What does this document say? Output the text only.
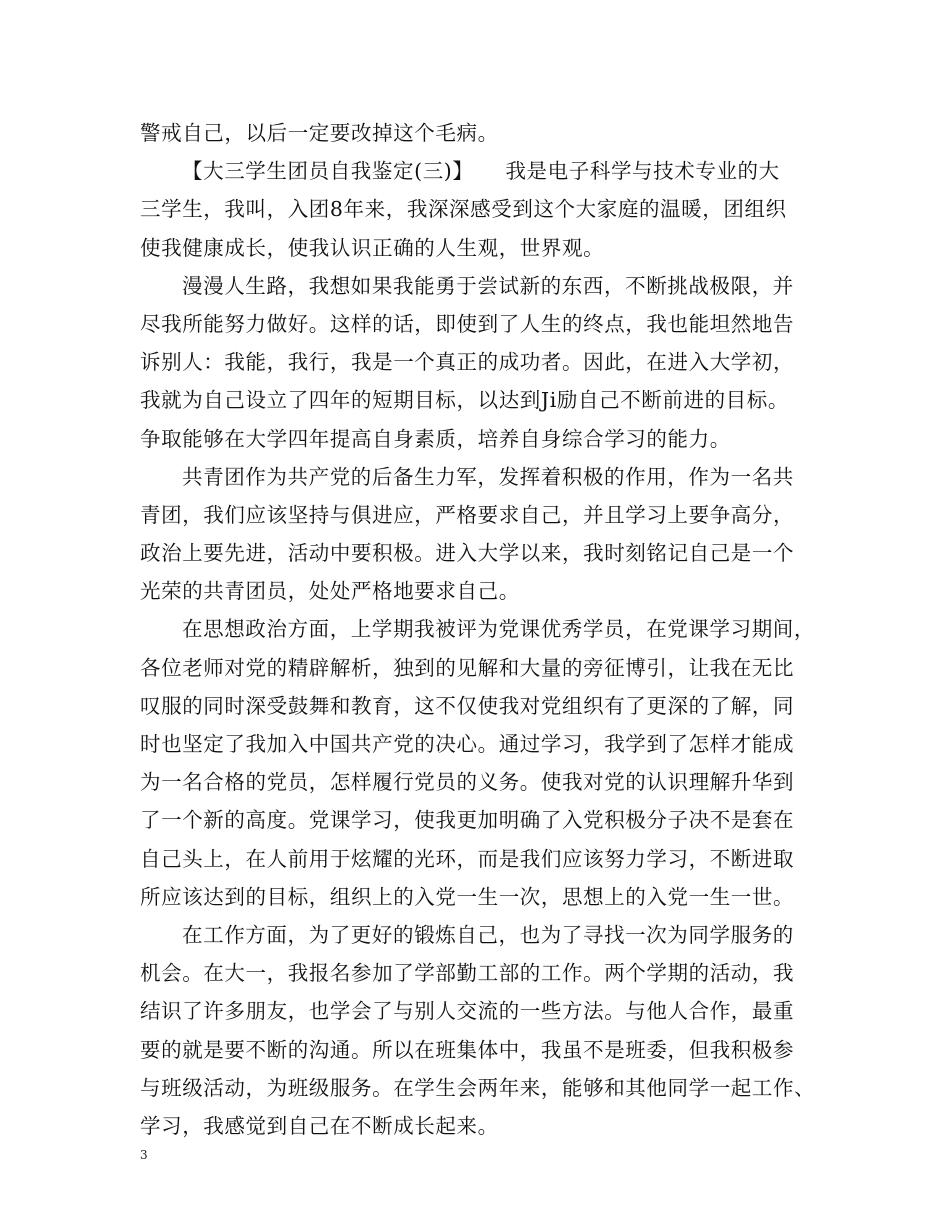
警戒自己，以后一定要改掉这个毛病。
【大三学生团员自我鉴定(三)】　　我是电子科学与技术专业的大
三学生，我叫，入团8年来，我深深感受到这个大家庭的温暖，团组织
使我健康成长，使我认识正确的人生观，世界观。
漫漫人生路，我想如果我能勇于尝试新的东西，不断挑战极限，并
尽我所能努力做好。这样的话，即使到了人生的终点，我也能坦然地告
诉别人：我能，我行，我是一个真正的成功者。因此，在进入大学初，
我就为自己设立了四年的短期目标，以达到Ji励自己不断前进的目标。
争取能够在大学四年提高自身素质，培养自身综合学习的能力。
共青团作为共产党的后备生力军，发挥着积极的作用，作为一名共
青团，我们应该坚持与俱进应，严格要求自己，并且学习上要争高分，
政治上要先进，活动中要积极。进入大学以来，我时刻铭记自己是一个
光荣的共青团员，处处严格地要求自己。
在思想政治方面，上学期我被评为党课优秀学员，在党课学习期间，
各位老师对党的精辟解析，独到的见解和大量的旁征博引，让我在无比
叹服的同时深受鼓舞和教育，这不仅使我对党组织有了更深的了解，同
时也坚定了我加入中国共产党的决心。通过学习，我学到了怎样才能成
为一名合格的党员，怎样履行党员的义务。使我对党的认识理解升华到
了一个新的高度。党课学习，使我更加明确了入党积极分子决不是套在
自己头上，在人前用于炫耀的光环，而是我们应该努力学习，不断进取
所应该达到的目标，组织上的入党一生一次，思想上的入党一生一世。
在工作方面，为了更好的锻炼自己，也为了寻找一次为同学服务的
机会。在大一，我报名参加了学部勤工部的工作。两个学期的活动，我
结识了许多朋友，也学会了与别人交流的一些方法。与他人合作，最重
要的就是要不断的沟通。所以在班集体中，我虽不是班委，但我积极参
与班级活动，为班级服务。在学生会两年来，能够和其他同学一起工作、
学习，我感觉到自己在不断成长起来。
3
